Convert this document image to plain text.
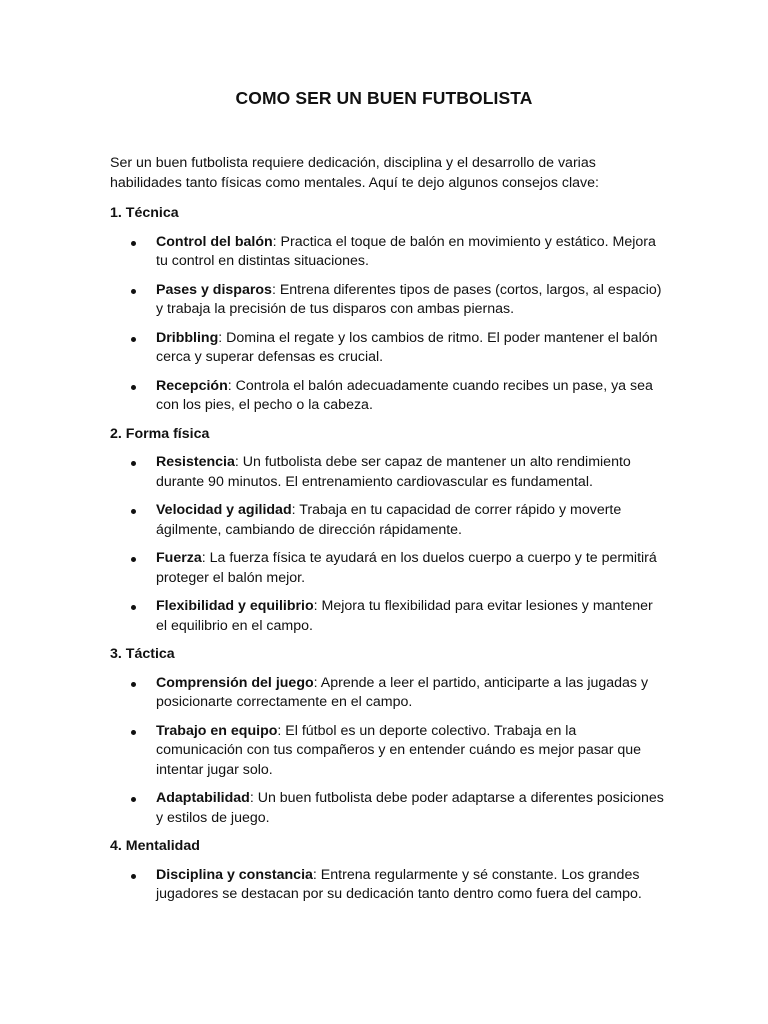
COMO SER UN BUEN FUTBOLISTA

Ser un buen futbolista requiere dedicación, disciplina y el desarrollo de varias habilidades tanto físicas como mentales. Aquí te dejo algunos consejos clave:

1. Técnica
Control del balón: Practica el toque de balón en movimiento y estático. Mejora tu control en distintas situaciones.
Pases y disparos: Entrena diferentes tipos de pases (cortos, largos, al espacio) y trabaja la precisión de tus disparos con ambas piernas.
Dribbling: Domina el regate y los cambios de ritmo. El poder mantener el balón cerca y superar defensas es crucial.
Recepción: Controla el balón adecuadamente cuando recibes un pase, ya sea con los pies, el pecho o la cabeza.
2. Forma física
Resistencia: Un futbolista debe ser capaz de mantener un alto rendimiento durante 90 minutos. El entrenamiento cardiovascular es fundamental.
Velocidad y agilidad: Trabaja en tu capacidad de correr rápido y moverte ágilmente, cambiando de dirección rápidamente.
Fuerza: La fuerza física te ayudará en los duelos cuerpo a cuerpo y te permitirá proteger el balón mejor.
Flexibilidad y equilibrio: Mejora tu flexibilidad para evitar lesiones y mantener el equilibrio en el campo.
3. Táctica
Comprensión del juego: Aprende a leer el partido, anticiparte a las jugadas y posicionarte correctamente en el campo.
Trabajo en equipo: El fútbol es un deporte colectivo. Trabaja en la comunicación con tus compañeros y en entender cuándo es mejor pasar que intentar jugar solo.
Adaptabilidad: Un buen futbolista debe poder adaptarse a diferentes posiciones y estilos de juego.
4. Mentalidad
Disciplina y constancia: Entrena regularmente y sé constante. Los grandes jugadores se destacan por su dedicación tanto dentro como fuera del campo.
